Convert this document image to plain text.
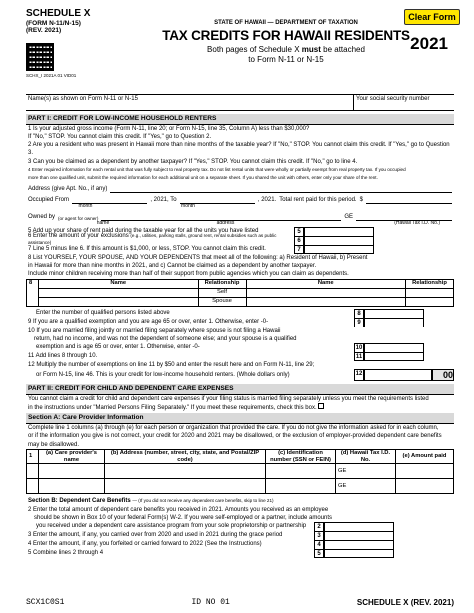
Clear Form
SCHEDULE X
(FORM N-11/N-15)
(REV. 2021)
SCHX_I 2021A 01 VID01
STATE OF HAWAII — DEPARTMENT OF TAXATION
TAX CREDITS FOR HAWAII RESIDENTS
Both pages of Schedule X must be attached
to Form N-11 or N-15
2021
Name(s) as shown on Form N-11 or N-15	Your social security number
PART I: CREDIT FOR LOW-INCOME HOUSEHOLD RENTERS
1 Is your adjusted gross income (Form N-11, line 20; or Form N-15, line 35, Column A) less than $30,000?
If "No," STOP. You cannot claim this credit. If "Yes," go to Question 2.
2 Are you a resident who was present in Hawaii more than nine months of the taxable year? If "No," STOP. You cannot claim this credit. If "Yes," go to Question 3.
3 Can you be claimed as a dependent by another taxpayer? If "Yes," STOP. You cannot claim this credit. If "No," go to line 4.
4 Enter required information for each rental unit that was fully subject to real property tax. Do not list rental units that were wholly or partially exempt from real property tax. If you occupied
more than one qualified unit, submit the required information for each additional unit on a separate sheet. If you shared the unit with others, enter only your share of the rent.
Address (give Apt. No., if any)
Occupied From	, 2021, To	, 2021. Total rent paid for this period. $
month	month
Owned by (or agent for owner)	GE
name	address	(Hawaii Tax I.D. No.)
5 Add up your share of rent paid during the taxable year for all the units you have listed	5
6 Enter the amount of your exclusions (e.g., utilities, parking stalls, ground rent, rental subsidies such as public assistance)	6
7 Line 5 minus line 6. If this amount is $1,000, or less, STOP. You cannot claim this credit.	7
8 List YOURSELF, YOUR SPOUSE, AND YOUR DEPENDENTS that meet all of the following: a) Resident of Hawaii, b) Present
in Hawaii for more than nine months in 2021, and c) Cannot be claimed as a dependent by another taxpayer.
Include minor children receiving more than half of their support from public agencies which you can claim as dependents.
8	Name	Relationship	Name	Relationship
		Self		
		Spouse		
Enter the number of qualified persons listed above	8
9 If you are a qualified exemption and you are age 65 or over, enter 1. Otherwise, enter -0-	9
10 If you are married filing jointly or married filing separately where spouse is not filing a Hawaii
return, had no income, and was not the dependent of someone else; and your spouse is a qualified
exemption and is age 65 or over, enter 1. Otherwise, enter -0-	10
11 Add lines 8 through 10.	11
12 Multiply the number of exemptions on line 11 by $50 and enter the result here and on Form N-11, line 29;
or Form N-15, line 46. This is your credit for low-income household renters. (Whole dollars only)	12	00
PART II: CREDIT FOR CHILD AND DEPENDENT CARE EXPENSES
You cannot claim a credit for child and dependent care expenses if your filing status is married filing separately unless you meet the requirements listed
in the instructions under "Married Persons Filing Separately." If you meet these requirements, check this box.
Section A: Care Provider Information
Complete line 1 columns (a) through (e) for each person or organization that provided the care. If you do not give the information asked for in each column,
or if the information you give is not correct, your credit for 2020 and 2021 may be disallowed, or the exclusion of employer-provided dependent care benefits may be disallowed.
1	(a) Care provider's name	(b) Address (number, street, city, state, and Postal/ZIP code)	(c) Identification number (SSN or FEIN)	(d) Hawaii Tax I.D. No.	(e) Amount paid
				GE	
				GE	
Section B: Dependent Care Benefits — (If you did not receive any dependent care benefits, skip to line 21)
2 Enter the total amount of dependent care benefits you received in 2021. Amounts you received as an employee
should be shown in Box 10 of your federal Form(s) W-2. If you were self-employed or a partner, include amounts
you received under a dependent care assistance program from your sole proprietorship or partnership	2
3 Enter the amount, if any, you carried over from 2020 and used in 2021 during the grace period	3
4 Enter the amount, if any, you forfeited or carried forward to 2022 (See the Instructions)	4
5 Combine lines 2 through 4	5
SCX1C0S1	ID NO 01	SCHEDULE X (REV. 2021)
